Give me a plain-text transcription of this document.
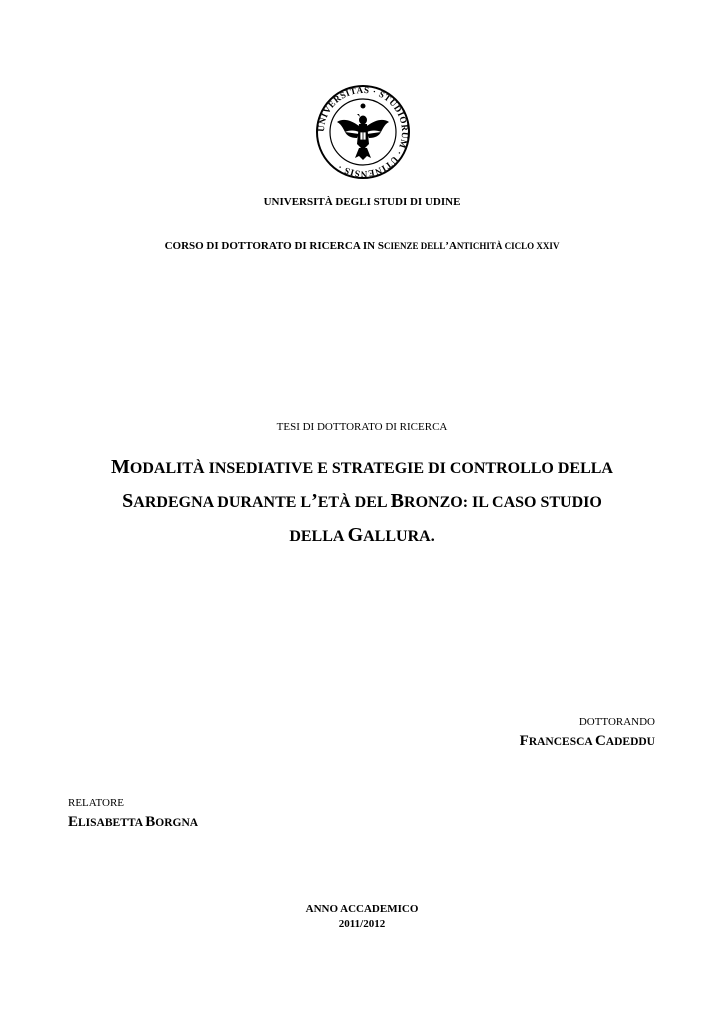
UNIVERSITAS · STUDIORUM · UTINENSIS ·
UNIVERSITÀ DEGLI STUDI DI UDINE
CORSO DI DOTTORATO DI RICERCA IN SCIENZE DELL’ANTICHITÀ CICLO XXIV
TESI DI DOTTORATO DI RICERCA
MODALITÀ INSEDIATIVE E STRATEGIE DI CONTROLLO DELLA
SARDEGNA DURANTE L’ETÀ DEL BRONZO: IL CASO STUDIO
DELLA GALLURA.
DOTTORANDO
FRANCESCA CADEDDU
RELATORE
ELISABETTA BORGNA
ANNO ACCADEMICO
2011/2012
